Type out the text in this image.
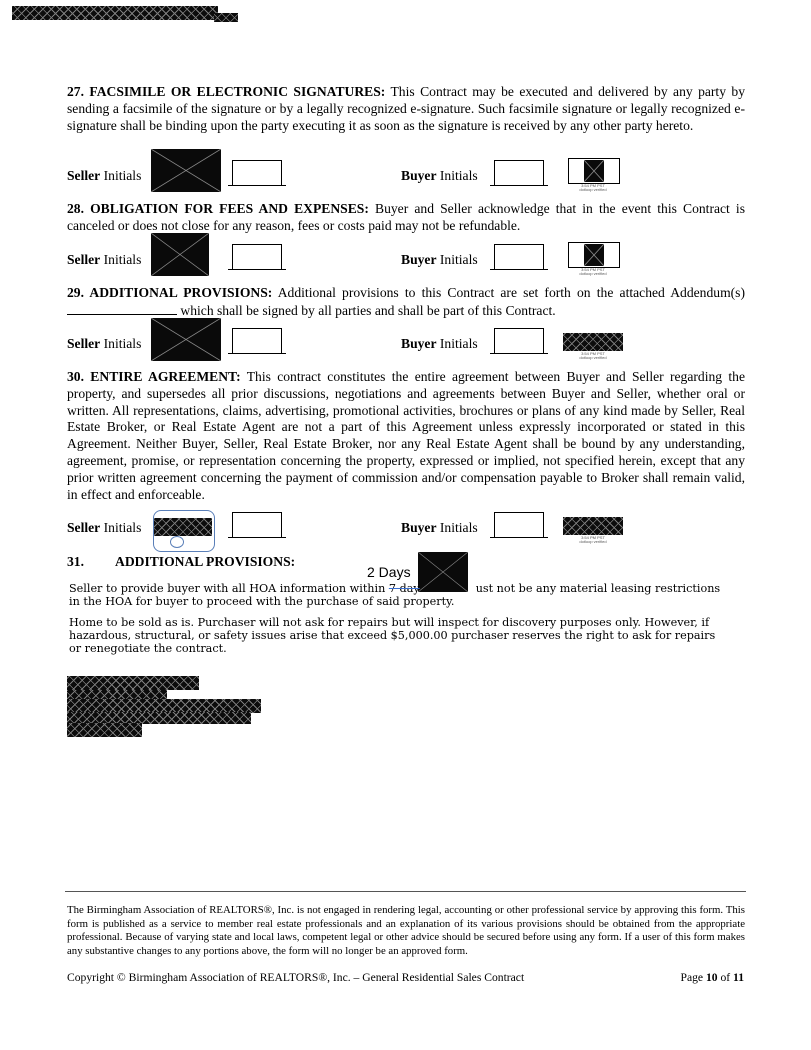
27. FACSIMILE OR ELECTRONIC SIGNATURES: This Contract may be executed and delivered by any party by sending a facsimile of the signature or by a legally recognized e-signature. Such facsimile signature or legally recognized e-signature shall be binding upon the party executing it as soon as the signature is received by any other party hereto.
Seller Initials	Buyer Initials
3:54 PM PST
dotloop verified
28. OBLIGATION FOR FEES AND EXPENSES: Buyer and Seller acknowledge that in the event this Contract is canceled or does not close for any reason, fees or costs paid may not be refundable.
Seller Initials	Buyer Initials
3:54 PM PST
dotloop verified
29. ADDITIONAL PROVISIONS: Additional provisions to this Contract are set forth on the attached Addendum(s)  which shall be signed by all parties and shall be part of this Contract.
Seller Initials	Buyer Initials
3:54 PM PST
dotloop verified
30. ENTIRE AGREEMENT: This contract constitutes the entire agreement between Buyer and Seller regarding the property, and supersedes all prior discussions, negotiations and agreements between Buyer and Seller, whether oral or written. All representations, claims, advertising, promotional activities, brochures or plans of any kind made by Seller, Real Estate Broker, or Real Estate Agent are not a part of this Agreement unless expressly incorporated or stated in this Agreement. Neither Buyer, Seller, Real Estate Broker, nor any Real Estate Agent shall be bound by any understanding, agreement, promise, or representation concerning the property, expressed or implied, not specified herein, except that any prior written agreement concerning the payment of commission and/or compensation payable to Broker shall remain valid, in effect and enforceable.
Seller Initials	Buyer Initials
3:54 PM PST
dotloop verified
31. ADDITIONAL PROVISIONS:
2 Days
Seller to provide buyer with all HOA information within 7 day	ust not be any material leasing restrictions
in the HOA for buyer to proceed with the purchase of said property.
Home to be sold as is. Purchaser will not ask for repairs but will inspect for discovery purposes only. However, if hazardous, structural, or safety issues arise that exceed $5,000.00 purchaser reserves the right to ask for repairs or renegotiate the contract.
The Birmingham Association of REALTORS®, Inc. is not engaged in rendering legal, accounting or other professional service by approving this form. This form is published as a service to member real estate professionals and an explanation of its various provisions should be obtained from the appropriate professional. Because of varying state and local laws, competent legal or other advice should be secured before using any form. If a user of this form makes any substantive changes to any portions above, the form will no longer be an approved form.
Copyright © Birmingham Association of REALTORS®, Inc. – General Residential Sales Contract	Page 10 of 11
